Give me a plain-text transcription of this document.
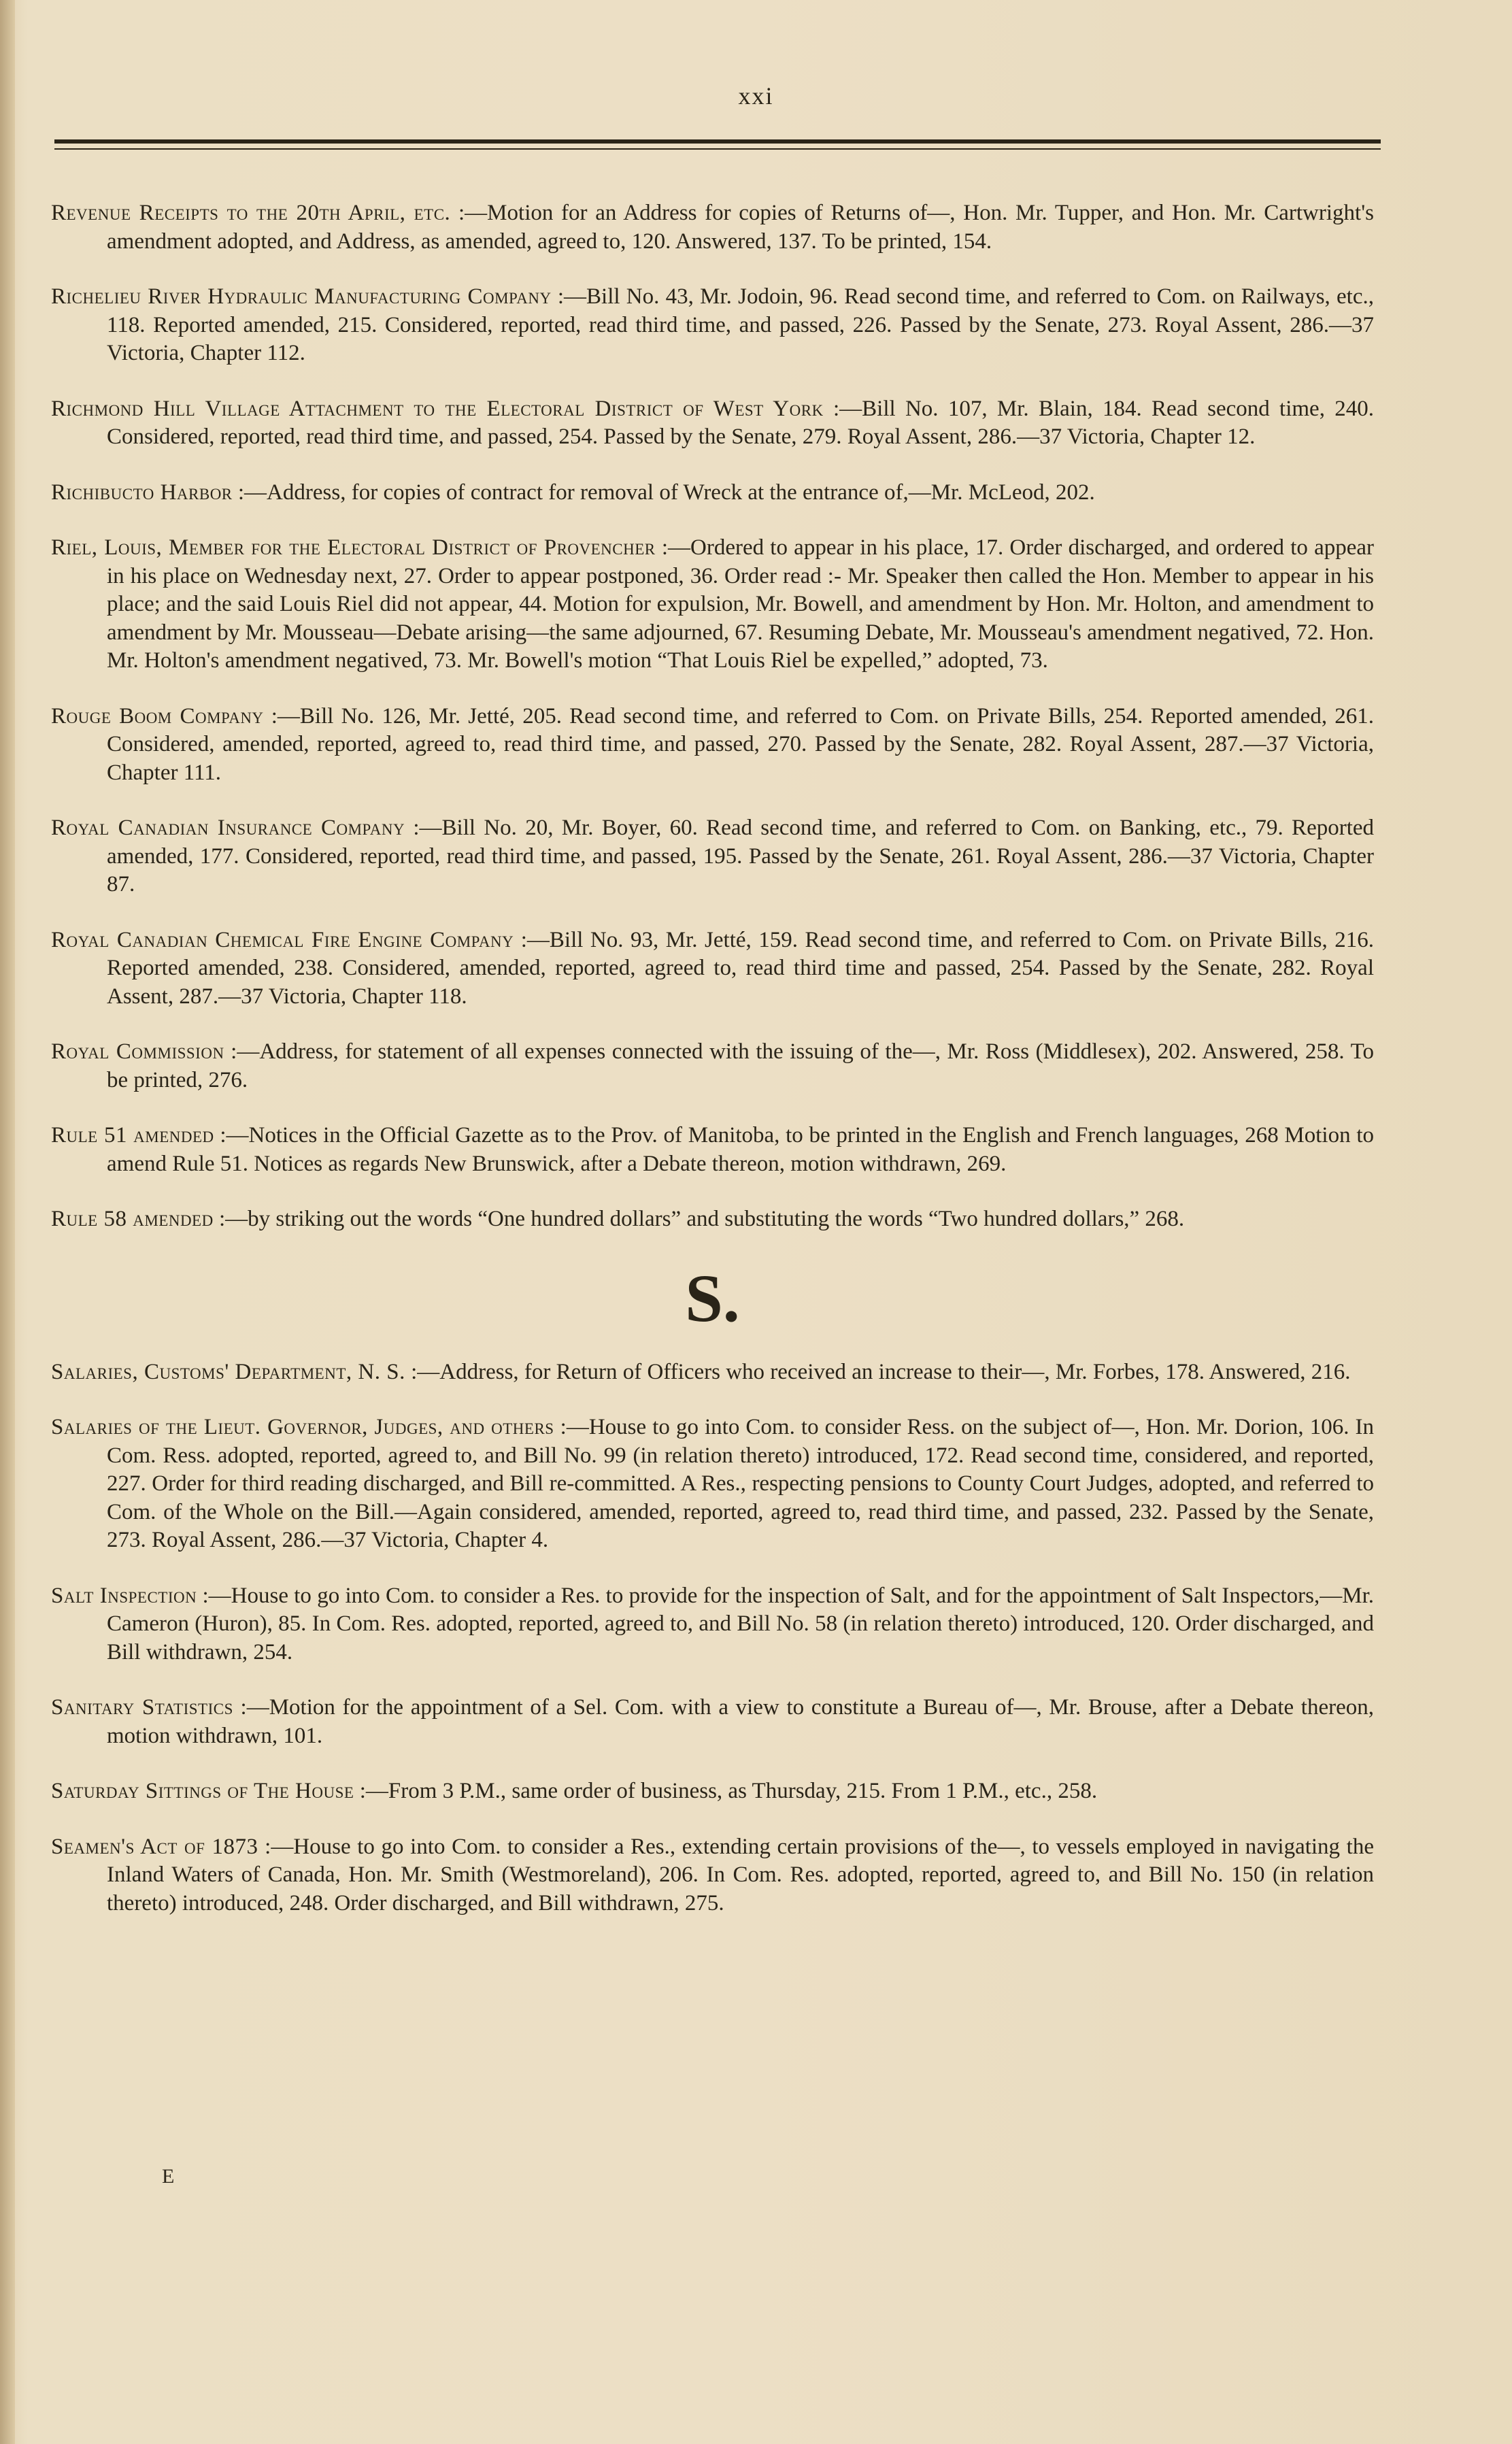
xxi

Revenue Receipts to the 20th April, etc. :—Motion for an Address for copies of Returns of—, Hon. Mr. Tupper, and Hon. Mr. Cartwright's amendment adopted, and Address, as amended, agreed to, 120. Answered, 137. To be printed, 154.

Richelieu River Hydraulic Manufacturing Company :—Bill No. 43, Mr. Jodoin, 96. Read second time, and referred to Com. on Railways, etc., 118. Reported amended, 215. Considered, reported, read third time, and passed, 226. Passed by the Senate, 273. Royal Assent, 286.—37 Victoria, Chapter 112.

Richmond Hill Village Attachment to the Electoral District of West York :—Bill No. 107, Mr. Blain, 184. Read second time, 240. Considered, reported, read third time, and passed, 254. Passed by the Senate, 279. Royal Assent, 286.—37 Victoria, Chapter 12.

Richibucto Harbor :—Address, for copies of contract for removal of Wreck at the entrance of,—Mr. McLeod, 202.

Riel, Louis, Member for the Electoral District of Provencher :—Ordered to appear in his place, 17. Order discharged, and ordered to appear in his place on Wednesday next, 27. Order to appear postponed, 36. Order read :- Mr. Speaker then called the Hon. Member to appear in his place; and the said Louis Riel did not appear, 44. Motion for expulsion, Mr. Bowell, and amendment by Hon. Mr. Holton, and amendment to amendment by Mr. Mousseau—Debate arising—the same adjourned, 67. Resuming Debate, Mr. Mousseau's amendment negatived, 72. Hon. Mr. Holton's amendment negatived, 73. Mr. Bowell's motion “That Louis Riel be expelled,” adopted, 73.

Rouge Boom Company :—Bill No. 126, Mr. Jetté, 205. Read second time, and referred to Com. on Private Bills, 254. Reported amended, 261. Considered, amended, reported, agreed to, read third time, and passed, 270. Passed by the Senate, 282. Royal Assent, 287.—37 Victoria, Chapter 111.

Royal Canadian Insurance Company :—Bill No. 20, Mr. Boyer, 60. Read second time, and referred to Com. on Banking, etc., 79. Reported amended, 177. Considered, reported, read third time, and passed, 195. Passed by the Senate, 261. Royal Assent, 286.—37 Victoria, Chapter 87.

Royal Canadian Chemical Fire Engine Company :—Bill No. 93, Mr. Jetté, 159. Read second time, and referred to Com. on Private Bills, 216. Reported amended, 238. Considered, amended, reported, agreed to, read third time and passed, 254. Passed by the Senate, 282. Royal Assent, 287.—37 Victoria, Chapter 118.

Royal Commission :—Address, for statement of all expenses connected with the issuing of the—, Mr. Ross (Middlesex), 202. Answered, 258. To be printed, 276.

Rule 51 amended :—Notices in the Official Gazette as to the Prov. of Manitoba, to be printed in the English and French languages, 268 Motion to amend Rule 51. Notices as regards New Brunswick, after a Debate thereon, motion withdrawn, 269.

Rule 58 amended :—by striking out the words “One hundred dollars” and substituting the words “Two hundred dollars,” 268.

S.

Salaries, Customs' Department, N. S. :—Address, for Return of Officers who received an increase to their—, Mr. Forbes, 178. Answered, 216.

Salaries of the Lieut. Governor, Judges, and others :—House to go into Com. to consider Ress. on the subject of—, Hon. Mr. Dorion, 106. In Com. Ress. adopted, reported, agreed to, and Bill No. 99 (in relation thereto) introduced, 172. Read second time, considered, and reported, 227. Order for third reading discharged, and Bill re-committed. A Res., respecting pensions to County Court Judges, adopted, and referred to Com. of the Whole on the Bill.—Again considered, amended, reported, agreed to, read third time, and passed, 232. Passed by the Senate, 273. Royal Assent, 286.—37 Victoria, Chapter 4.

Salt Inspection :—House to go into Com. to consider a Res. to provide for the inspection of Salt, and for the appointment of Salt Inspectors,—Mr. Cameron (Huron), 85. In Com. Res. adopted, reported, agreed to, and Bill No. 58 (in relation thereto) introduced, 120. Order discharged, and Bill withdrawn, 254.

Sanitary Statistics :—Motion for the appointment of a Sel. Com. with a view to constitute a Bureau of—, Mr. Brouse, after a Debate thereon, motion withdrawn, 101.

Saturday Sittings of The House :—From 3 P.M., same order of business, as Thursday, 215. From 1 P.M., etc., 258.

Seamen's Act of 1873 :—House to go into Com. to consider a Res., extending certain provisions of the—, to vessels employed in navigating the Inland Waters of Canada, Hon. Mr. Smith (Westmoreland), 206. In Com. Res. adopted, reported, agreed to, and Bill No. 150 (in relation thereto) introduced, 248. Order discharged, and Bill withdrawn, 275.

E
